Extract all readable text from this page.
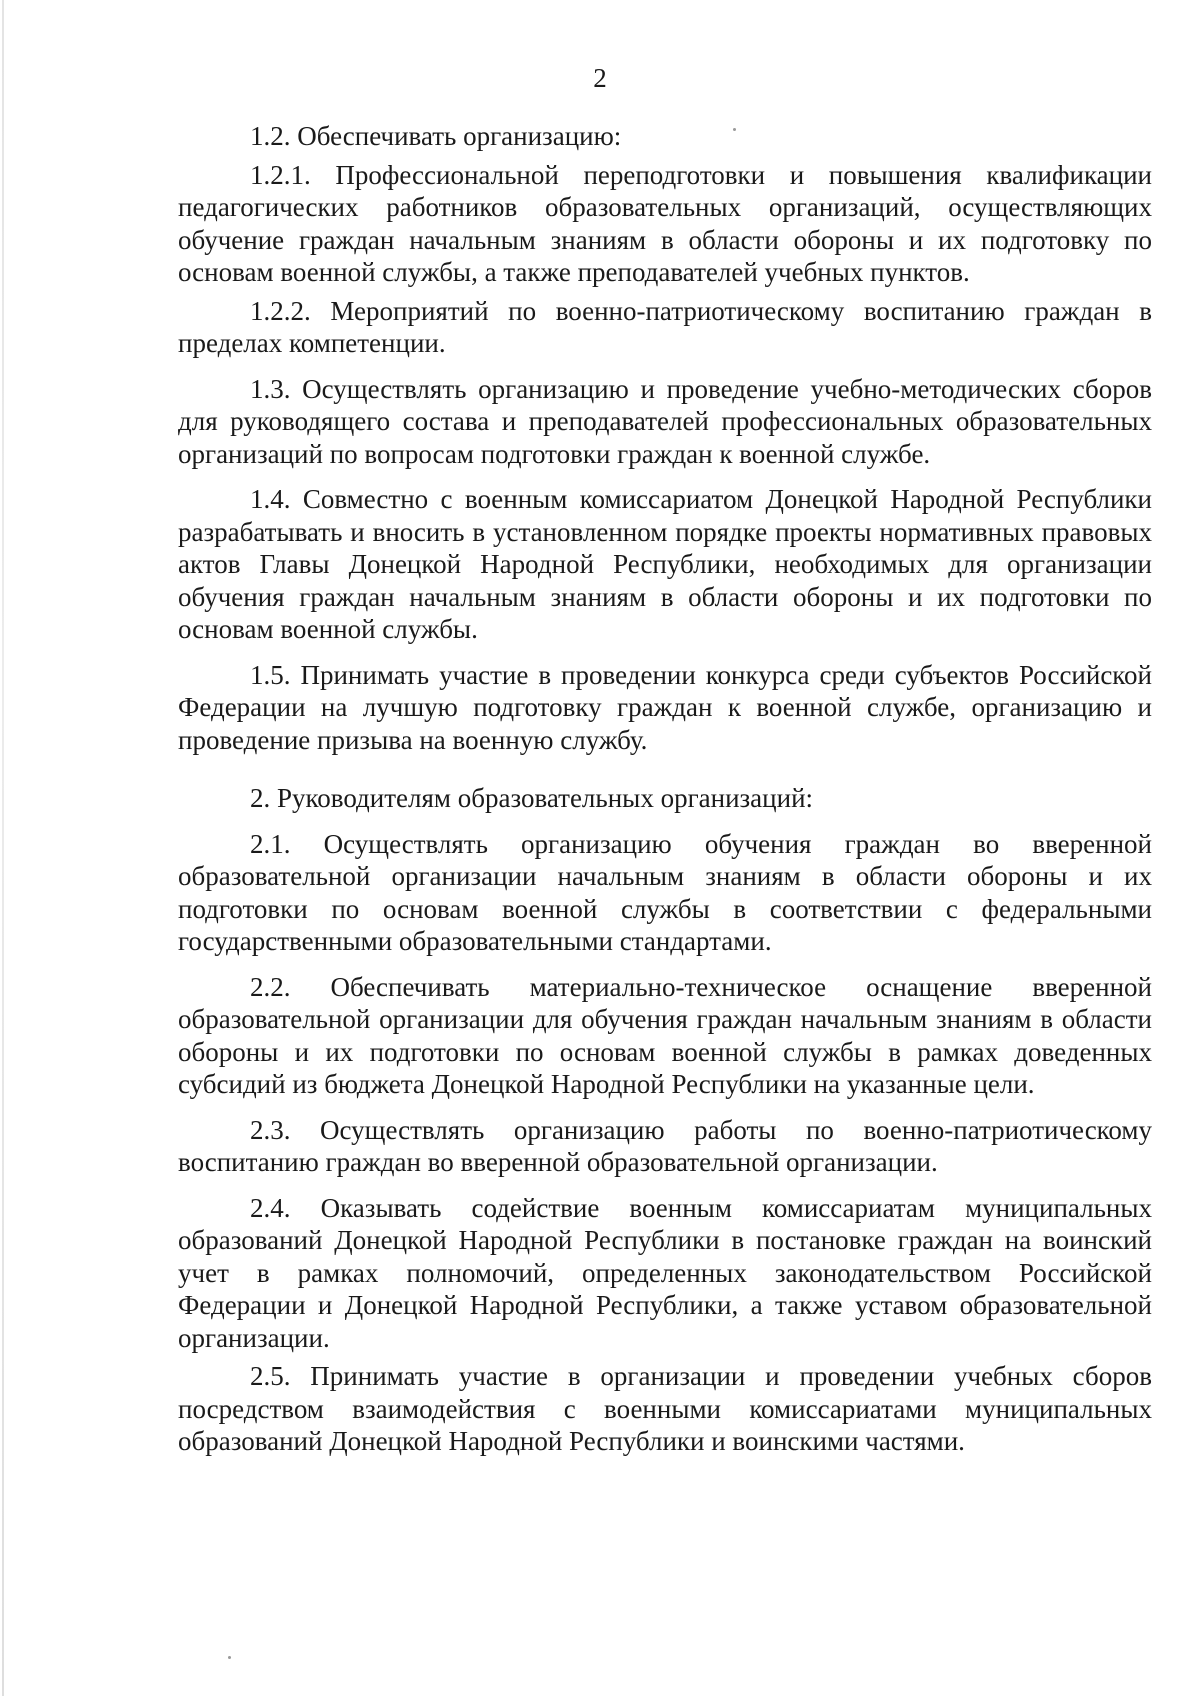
2

1.2. Обеспечивать организацию:

1.2.1. Профессиональной переподготовки и повышения квалификации педагогических работников образовательных организаций, осуществляющих обучение граждан начальным знаниям в области обороны и их подготовку по основам военной службы, а также преподавателей учебных пунктов.

1.2.2. Мероприятий по военно-патриотическому воспитанию граждан в пределах компетенции.

1.3. Осуществлять организацию и проведение учебно-методических сборов для руководящего состава и преподавателей профессиональных образовательных организаций по вопросам подготовки граждан к военной службе.

1.4. Совместно с военным комиссариатом Донецкой Народной Республики разрабатывать и вносить в установленном порядке проекты нормативных правовых актов Главы Донецкой Народной Республики, необходимых для организации обучения граждан начальным знаниям в области обороны и их подготовки по основам военной службы.

1.5. Принимать участие в проведении конкурса среди субъектов Российской Федерации на лучшую подготовку граждан к военной службе, организацию и проведение призыва на военную службу.

2. Руководителям образовательных организаций:

2.1. Осуществлять организацию обучения граждан во вверенной образовательной организации начальным знаниям в области обороны и их подготовки по основам военной службы в соответствии с федеральными государственными образовательными стандартами.

2.2. Обеспечивать материально-техническое оснащение вверенной образовательной организации для обучения граждан начальным знаниям в области обороны и их подготовки по основам военной службы в рамках доведенных субсидий из бюджета Донецкой Народной Республики на указанные цели.

2.3. Осуществлять организацию работы по военно-патриотическому воспитанию граждан во вверенной образовательной организации.

2.4. Оказывать содействие военным комиссариатам муниципальных образований Донецкой Народной Республики в постановке граждан на воинский учет в рамках полномочий, определенных законодательством Российской Федерации и Донецкой Народной Республики, а также уставом образовательной организации.

2.5. Принимать участие в организации и проведении учебных сборов посредством взаимодействия с военными комиссариатами муниципальных образований Донецкой Народной Республики и воинскими частями.
